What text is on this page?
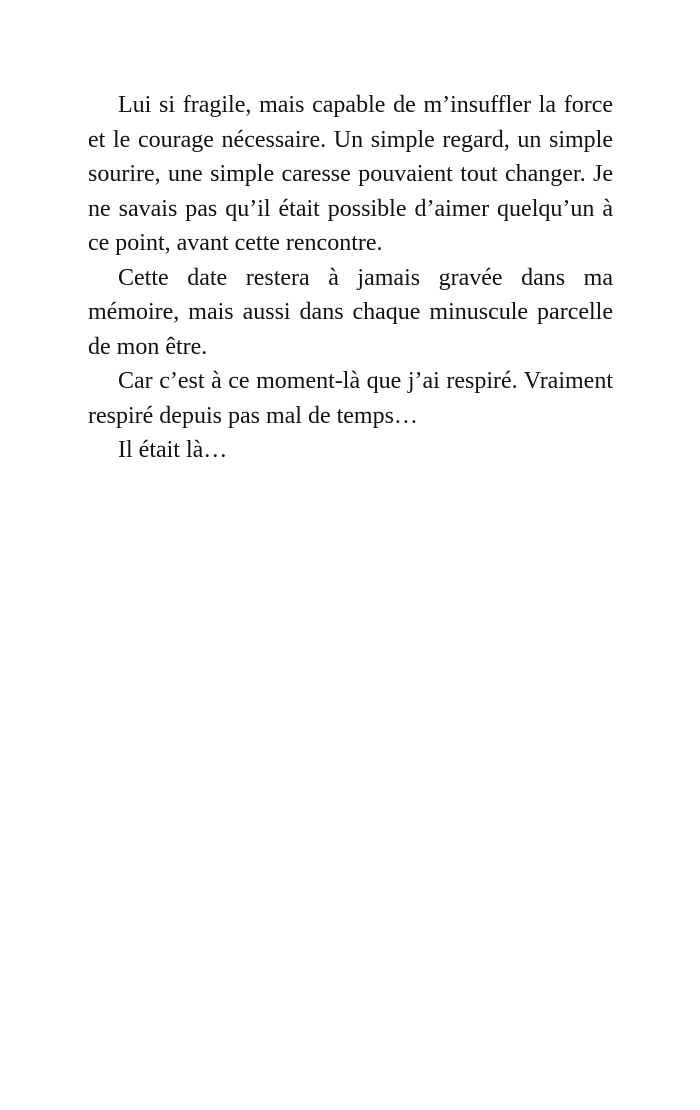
Lui si fragile, mais capable de m’insuffler la force et le courage nécessaire. Un simple regard, un simple sourire, une simple caresse pouvaient tout changer. Je ne savais pas qu’il était possible d’aimer quelqu’un à ce point, avant cette rencontre.

Cette date restera à jamais gravée dans ma mémoire, mais aussi dans chaque minuscule parcelle de mon être.

Car c’est à ce moment-là que j’ai respiré. Vraiment respiré depuis pas mal de temps…

Il était là…
